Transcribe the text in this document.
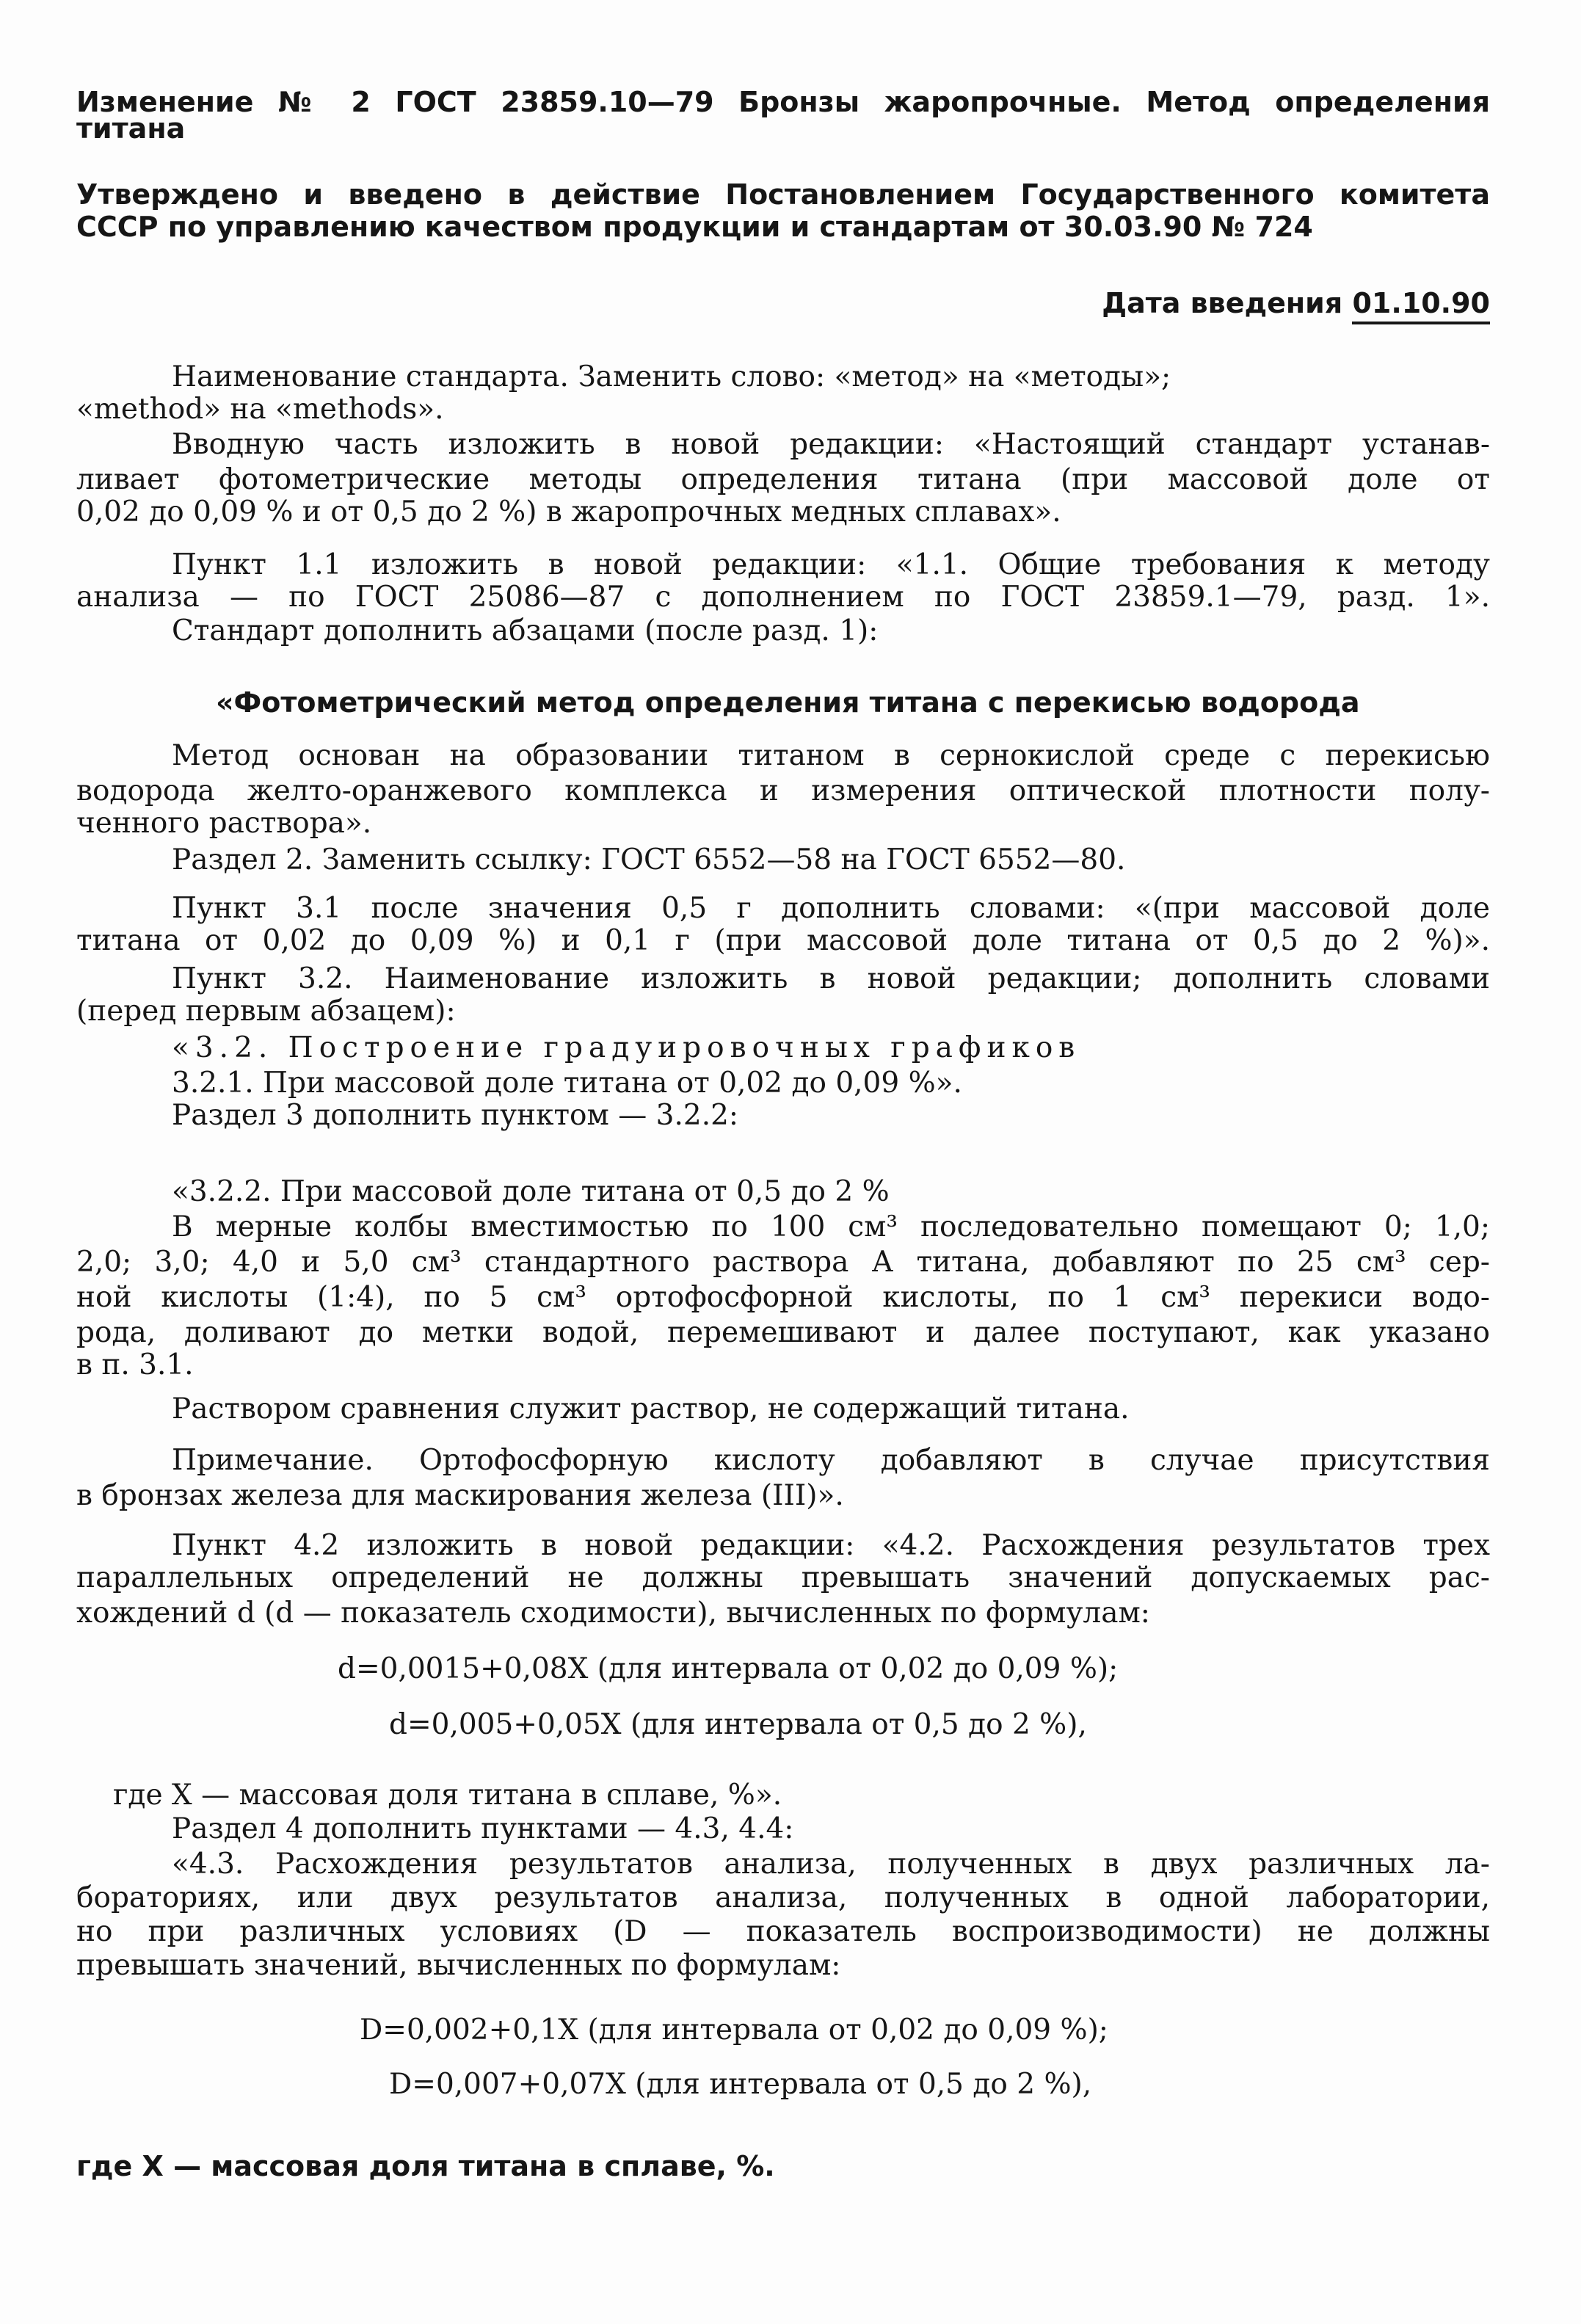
Изменение № 2 ГОСТ 23859.10—79 Бронзы жаропрочные. Метод определения
титана
Утверждено и введено в действие Постановлением Государственного комитета
СССР по управлению качеством продукции и стандартам от 30.03.90 № 724
Дата введения 01.10.90
Наименование стандарта. Заменить слово: «метод» на «методы»;
«method» на «methods».
Вводную часть изложить в новой редакции: «Настоящий стандарт устанав-
ливает фотометрические методы определения титана (при массовой доле от
0,02 до 0,09 % и от 0,5 до 2 %) в жаропрочных медных сплавах».
Пункт 1.1 изложить в новой редакции: «1.1. Общие требования к методу
анализа — по ГОСТ 25086—87 с дополнением по ГОСТ 23859.1—79, разд. 1».
Стандарт дополнить абзацами (после разд. 1):
«Фотометрический метод определения титана с перекисью водорода
Метод основан на образовании титаном в сернокислой среде с перекисью
водорода желто-оранжевого комплекса и измерения оптической плотности полу-
ченного раствора».
Раздел 2. Заменить ссылку: ГОСТ 6552—58 на ГОСТ 6552—80.
Пункт 3.1 после значения 0,5 г дополнить словами: «(при массовой доле
титана от 0,02 до 0,09 %) и 0,1 г (при массовой доле титана от 0,5 до 2 %)».
Пункт 3.2. Наименование изложить в новой редакции; дополнить словами
(перед первым абзацем):
«3.2. Построение градуировочных графиков
3.2.1. При массовой доле титана от 0,02 до 0,09 %».
Раздел 3 дополнить пунктом — 3.2.2:
«3.2.2. При массовой доле титана от 0,5 до 2 %
В мерные колбы вместимостью по 100 см³ последовательно помещают 0; 1,0;
2,0; 3,0; 4,0 и 5,0 см³ стандартного раствора А титана, добавляют по 25 см³ сер-
ной кислоты (1:4), по 5 см³ ортофосфорной кислоты, по 1 см³ перекиси водо-
рода, доливают до метки водой, перемешивают и далее поступают, как указано
в п. 3.1.
Раствором сравнения служит раствор, не содержащий титана.
Примечание. Ортофосфорную кислоту добавляют в случае присутствия
в бронзах железа для маскирования железа (III)».
Пункт 4.2 изложить в новой редакции: «4.2. Расхождения результатов трех
параллельных определений не должны превышать значений допускаемых рас-
хождений d (d — показатель сходимости), вычисленных по формулам:
d=0,0015+0,08X (для интервала от 0,02 до 0,09 %);
d=0,005+0,05X (для интервала от 0,5 до 2 %),
где X — массовая доля титана в сплаве, %».
Раздел 4 дополнить пунктами — 4.3, 4.4:
«4.3. Расхождения результатов анализа, полученных в двух различных ла-
бораториях, или двух результатов анализа, полученных в одной лаборатории,
но при различных условиях (D — показатель воспроизводимости) не должны
превышать значений, вычисленных по формулам:
D=0,002+0,1X (для интервала от 0,02 до 0,09 %);
D=0,007+0,07X (для интервала от 0,5 до 2 %),
где X — массовая доля титана в сплаве, %.
